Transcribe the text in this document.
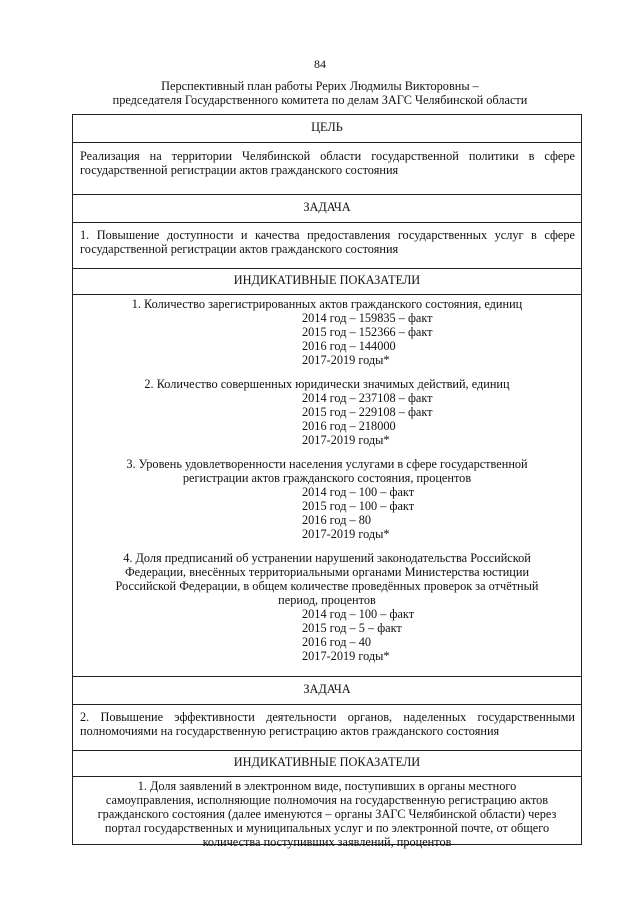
84
Перспективный план работы Рерих Людмилы Викторовны –
председателя Государственного комитета по делам ЗАГС Челябинской области
ЦЕЛЬ
Реализация на территории Челябинской области государственной политики в сфере государственной регистрации актов гражданского состояния
ЗАДАЧА
1. Повышение доступности и качества предоставления государственных услуг в сфере государственной регистрации актов гражданского состояния
ИНДИКАТИВНЫЕ ПОКАЗАТЕЛИ
1. Количество зарегистрированных актов гражданского состояния, единиц
2014 год – 159835 – факт
2015 год – 152366 – факт
2016 год – 144000
2017-2019 годы*
2. Количество совершенных юридически значимых действий, единиц
2014 год – 237108 – факт
2015 год – 229108 – факт
2016 год – 218000
2017-2019 годы*
3. Уровень удовлетворенности населения услугами в сфере государственной
регистрации актов гражданского состояния, процентов
2014 год – 100 – факт
2015 год – 100 – факт
2016 год – 80
2017-2019 годы*
4. Доля предписаний об устранении нарушений законодательства Российской
Федерации, внесённых территориальными органами Министерства юстиции
Российской Федерации, в общем количестве проведённых проверок за отчётный
период, процентов
2014 год – 100 – факт
2015 год – 5 – факт
2016 год – 40
2017-2019 годы*
ЗАДАЧА
2. Повышение эффективности деятельности органов, наделенных государственными полномочиями на государственную регистрацию актов гражданского состояния
ИНДИКАТИВНЫЕ ПОКАЗАТЕЛИ
1. Доля заявлений в электронном виде, поступивших в органы местного
самоуправления, исполняющие полномочия на государственную регистрацию актов
гражданского состояния (далее именуются – органы ЗАГС Челябинской области) через
портал государственных и муниципальных услуг и по электронной почте, от общего
количества поступивших заявлений, процентов
